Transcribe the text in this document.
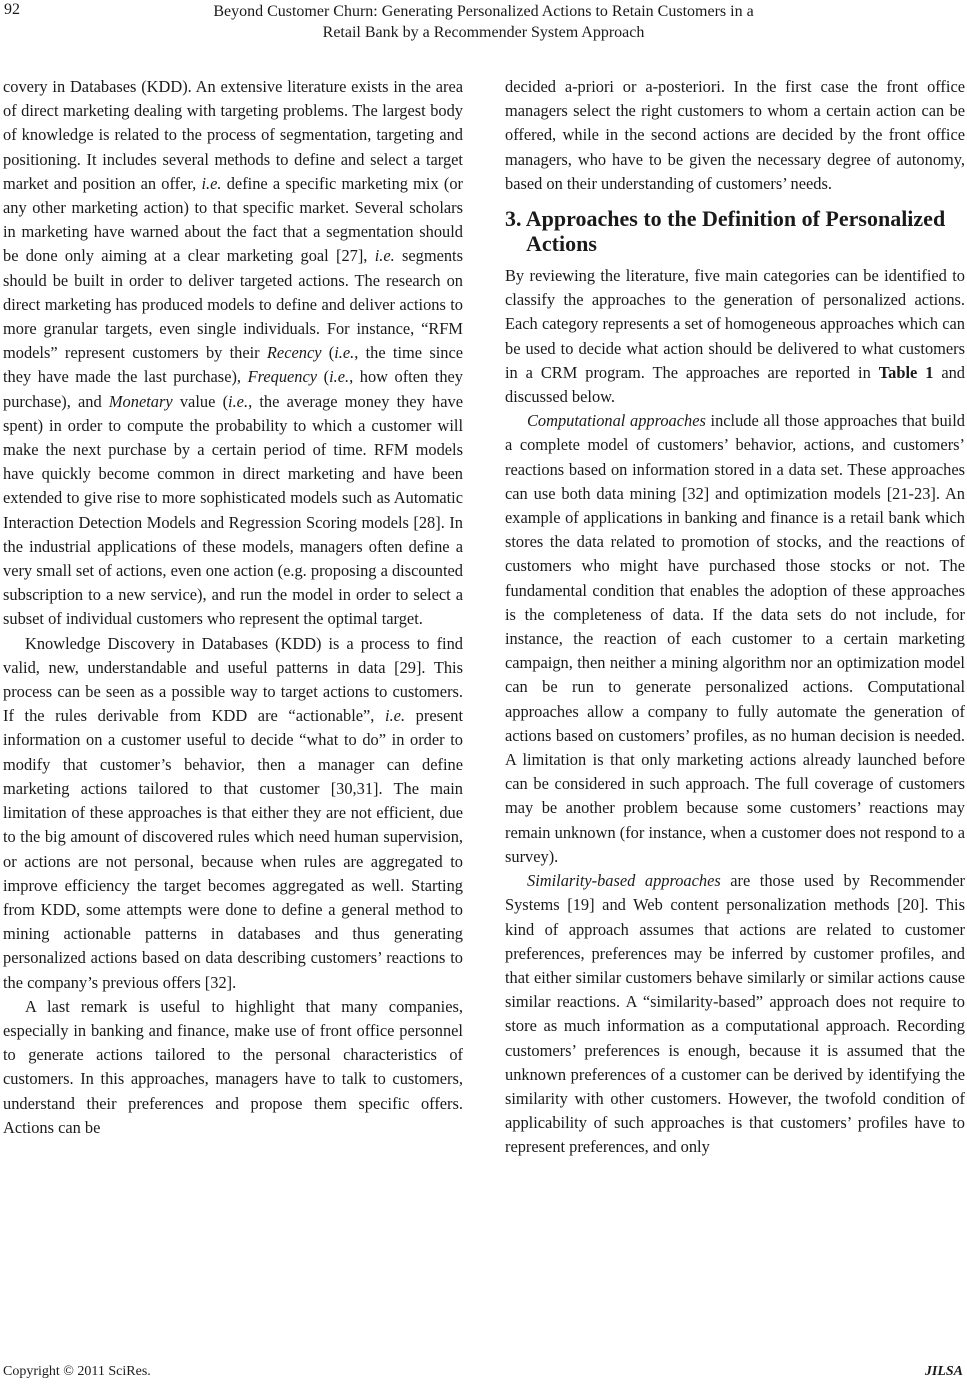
92	Beyond Customer Churn: Generating Personalized Actions to Retain Customers in a
Retail Bank by a Recommender System Approach

covery in Databases (KDD). An extensive literature exists in the area of direct marketing dealing with targeting problems. The largest body of knowledge is related to the process of segmentation, targeting and positioning. It includes several methods to define and select a target market and position an offer, i.e. define a specific marketing mix (or any other marketing action) to that specific market. Several scholars in marketing have warned about the fact that a segmentation should be done only aiming at a clear marketing goal [27], i.e. segments should be built in order to deliver targeted actions. The research on direct marketing has produced models to define and deliver actions to more granular targets, even single individuals. For instance, “RFM models” represent customers by their Recency (i.e., the time since they have made the last purchase), Frequency (i.e., how often they purchase), and Monetary value (i.e., the average money they have spent) in order to compute the probability to which a customer will make the next purchase by a certain period of time. RFM models have quickly become common in direct marketing and have been extended to give rise to more sophisticated models such as Automatic Interaction Detection Models and Regression Scoring models [28]. In the industrial applications of these models, managers often define a very small set of actions, even one action (e.g. proposing a discounted subscription to a new service), and run the model in order to select a subset of individual customers who represent the optimal target.

Knowledge Discovery in Databases (KDD) is a process to find valid, new, understandable and useful patterns in data [29]. This process can be seen as a possible way to target actions to customers. If the rules derivable from KDD are “actionable”, i.e. present information on a customer useful to decide “what to do” in order to modify that customer’s behavior, then a manager can define marketing actions tailored to that customer [30,31]. The main limitation of these approaches is that either they are not efficient, due to the big amount of discovered rules which need human supervision, or actions are not personal, because when rules are aggregated to improve efficiency the target becomes aggregated as well. Starting from KDD, some attempts were done to define a general method to mining actionable patterns in databases and thus generating personalized actions based on data describing customers’ reactions to the company’s previous offers [32].

A last remark is useful to highlight that many companies, especially in banking and finance, make use of front office personnel to generate actions tailored to the personal characteristics of customers. In this approaches, managers have to talk to customers, understand their preferences and propose them specific offers. Actions can be

decided a-priori or a-posteriori. In the first case the front office managers select the right customers to whom a certain action can be offered, while in the second actions are decided by the front office managers, who have to be given the necessary degree of autonomy, based on their understanding of customers’ needs.

3. Approaches to the Definition of Personalized Actions

By reviewing the literature, five main categories can be identified to classify the approaches to the generation of personalized actions. Each category represents a set of homogeneous approaches which can be used to decide what action should be delivered to what customers in a CRM program. The approaches are reported in Table 1 and discussed below.

Computational approaches include all those approaches that build a complete model of customers’ behavior, actions, and customers’ reactions based on information stored in a data set. These approaches can use both data mining [32] and optimization models [21-23]. An example of applications in banking and finance is a retail bank which stores the data related to promotion of stocks, and the reactions of customers who might have purchased those stocks or not. The fundamental condition that enables the adoption of these approaches is the completeness of data. If the data sets do not include, for instance, the reaction of each customer to a certain marketing campaign, then neither a mining algorithm nor an optimization model can be run to generate personalized actions. Computational approaches allow a company to fully automate the generation of actions based on customers’ profiles, as no human decision is needed. A limitation is that only marketing actions already launched before can be considered in such approach. The full coverage of customers may be another problem because some customers’ reactions may remain unknown (for instance, when a customer does not respond to a survey).

Similarity-based approaches are those used by Recommender Systems [19] and Web content personalization methods [20]. This kind of approach assumes that actions are related to customer preferences, preferences may be inferred by customer profiles, and that either similar customers behave similarly or similar actions cause similar reactions. A “similarity-based” approach does not require to store as much information as a computational approach. Recording customers’ preferences is enough, because it is assumed that the unknown preferences of a customer can be derived by identifying the similarity with other customers. However, the twofold condition of applicability of such approaches is that customers’ profiles have to represent preferences, and only

Copyright © 2011 SciRes.	JILSA
